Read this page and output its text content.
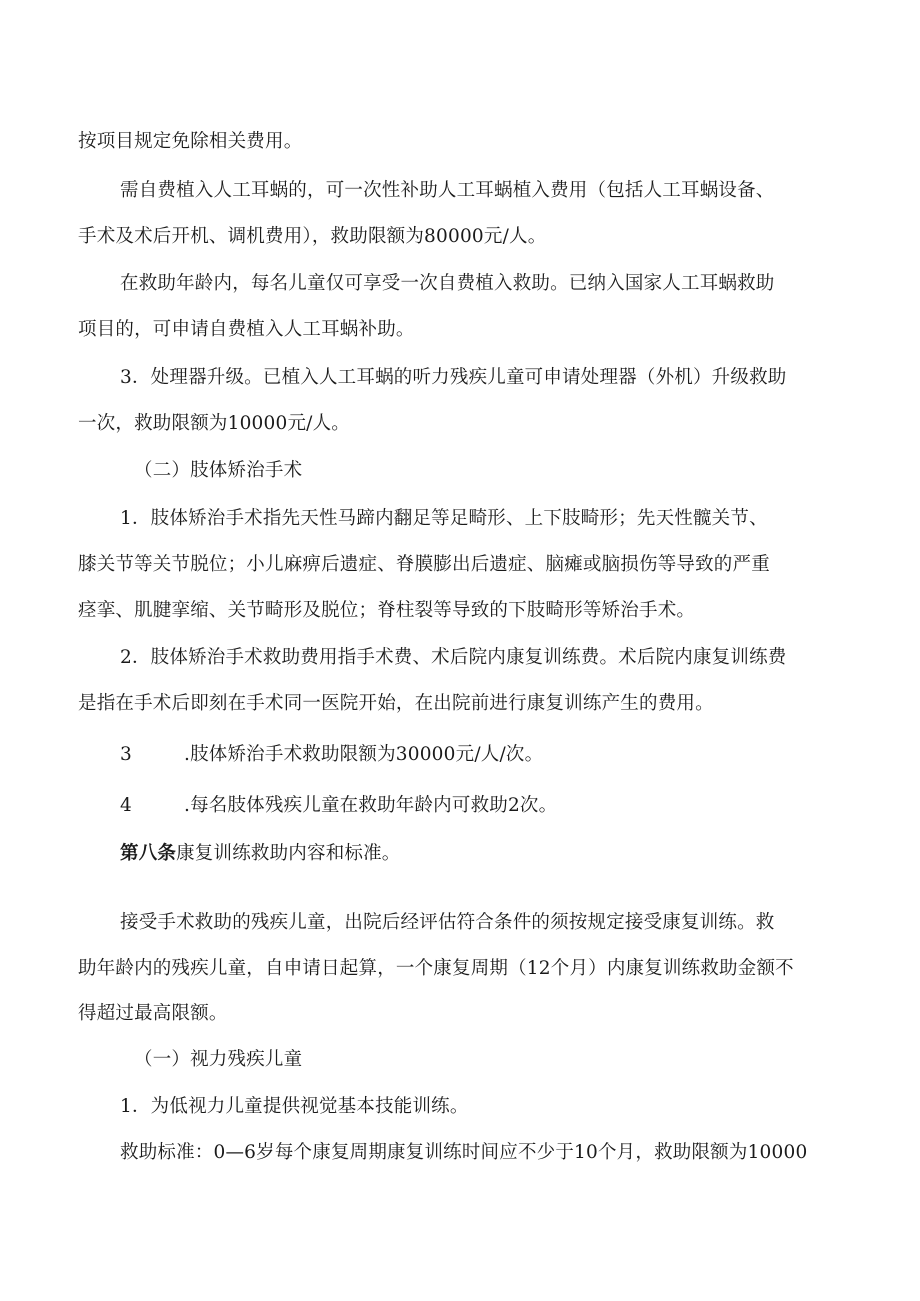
按项目规定免除相关费用。
需自费植入人工耳蜗的，可一次性补助人工耳蜗植入费用（包括人工耳蜗设备、
手术及术后开机、调机费用），救助限额为80000元/人。
在救助年龄内，每名儿童仅可享受一次自费植入救助。已纳入国家人工耳蜗救助
项目的，可申请自费植入人工耳蜗补助。
3．处理器升级。已植入人工耳蜗的听力残疾儿童可申请处理器（外机）升级救助
一次，救助限额为10000元/人。
（二）肢体矫治手术
1．肢体矫治手术指先天性马蹄内翻足等足畸形、上下肢畸形；先天性髋关节、
膝关节等关节脱位；小儿麻痹后遗症、脊膜膨出后遗症、脑瘫或脑损伤等导致的严重
痉挛、肌腱挛缩、关节畸形及脱位；脊柱裂等导致的下肢畸形等矫治手术。
2．肢体矫治手术救助费用指手术费、术后院内康复训练费。术后院内康复训练费
是指在手术后即刻在手术同一医院开始，在出院前进行康复训练产生的费用。
3	.肢体矫治手术救助限额为30000元/人/次。
4	.每名肢体残疾儿童在救助年龄内可救助2次。
第八条康复训练救助内容和标准。
接受手术救助的残疾儿童，出院后经评估符合条件的须按规定接受康复训练。救
助年龄内的残疾儿童，自申请日起算，一个康复周期（12个月）内康复训练救助金额不
得超过最高限额。
（一）视力残疾儿童
1．为低视力儿童提供视觉基本技能训练。
救助标准：0—6岁每个康复周期康复训练时间应不少于10个月，救助限额为10000
